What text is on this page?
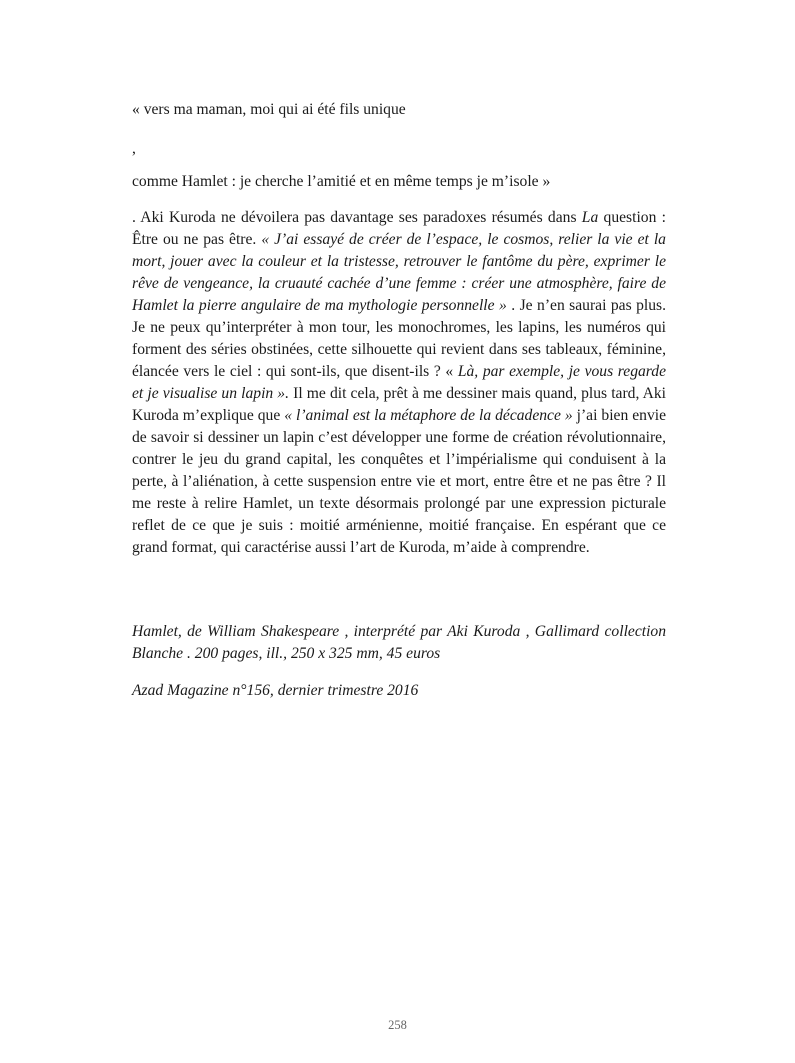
« vers ma maman, moi qui ai été fils unique

,

comme Hamlet : je cherche l’amitié et en même temps je m’isole »

. Aki Kuroda ne dévoilera pas davantage ses paradoxes résumés dans La question : Être ou ne pas être. « J’ai essayé de créer de l’espace, le cosmos, relier la vie et la mort, jouer avec la couleur et la tristesse, retrouver le fantôme du père, exprimer le rêve de vengeance, la cruauté cachée d’une femme : créer une atmosphère, faire de Hamlet la pierre angulaire de ma mythologie personnelle » . Je n’en saurai pas plus. Je ne peux qu’interpréter à mon tour, les monochromes, les lapins, les numéros qui forment des séries obstinées, cette silhouette qui revient dans ses tableaux, féminine, élancée vers le ciel : qui sont-ils, que disent-ils ? « Là, par exemple, je vous regarde et je visualise un lapin ». Il me dit cela, prêt à me dessiner mais quand, plus tard, Aki Kuroda m’explique que « l’animal est la métaphore de la décadence » j’ai bien envie de savoir si dessiner un lapin c’est développer une forme de création révolutionnaire, contrer le jeu du grand capital, les conquêtes et l’impérialisme qui conduisent à la perte, à l’aliénation, à cette suspension entre vie et mort, entre être et ne pas être ? Il me reste à relire Hamlet, un texte désormais prolongé par une expression picturale reflet de ce que je suis : moitié arménienne, moitié française. En espérant que ce grand format, qui caractérise aussi l’art de Kuroda, m’aide à comprendre.

Hamlet, de William Shakespeare , interprété par Aki Kuroda , Gallimard collection Blanche . 200 pages, ill., 250 x 325 mm, 45 euros

Azad Magazine n°156, dernier trimestre 2016

258
